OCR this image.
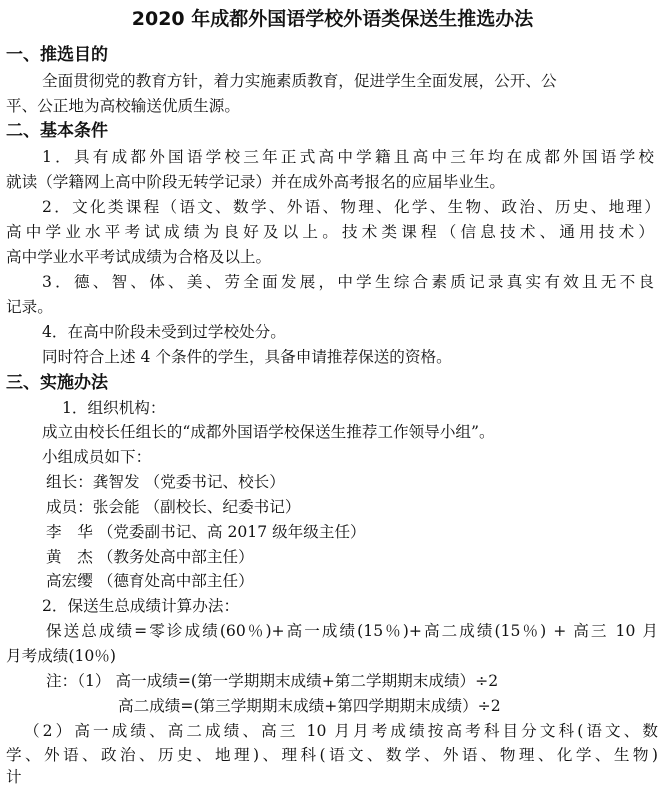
2020 年成都外国语学校外语类保送生推选办法
一、推选目的
全面贯彻党的教育方针，着力实施素质教育，促进学生全面发展，公开、公
平、公正地为高校输送优质生源。
二、基本条件
1．具有成都外国语学校三年正式高中学籍且高中三年均在成都外国语学校
就读（学籍网上高中阶段无转学记录）并在成外高考报名的应届毕业生。
2．文化类课程（语文、数学、外语、物理、化学、生物、政治、历史、地理）
高中学业水平考试成绩为良好及以上。技术类课程（信息技术、通用技术）
高中学业水平考试成绩为合格及以上。
3．德、智、体、美、劳全面发展，中学生综合素质记录真实有效且无不良
记录。
4．在高中阶段未受到过学校处分。
同时符合上述 4 个条件的学生，具备申请推荐保送的资格。
三、实施办法
1．组织机构：
成立由校长任组长的“成都外国语学校保送生推荐工作领导小组”。
小组成员如下：
组长：龚智发 （党委书记、校长）
成员：张会能 （副校长、纪委书记）
李　华 （党委副书记、高 2017 级年级主任）
黄　杰 （教务处高中部主任）
高宏缨 （德育处高中部主任）
2．保送生总成绩计算办法：
保送总成绩=零诊成绩(60％)+高一成绩(15％)+高二成绩(15％) + 高三 10 月
月考成绩(10％)
注：（1） 高一成绩=(第一学期期末成绩+第二学期期末成绩）÷2
高二成绩=(第三学期期末成绩+第四学期期末成绩）÷2
（2）高一成绩、高二成绩、高三 10 月月考成绩按高考科目分文科(语文、数
学、外语、政治、历史、地理)、理科(语文、数学、外语、物理、化学、生物)
计
